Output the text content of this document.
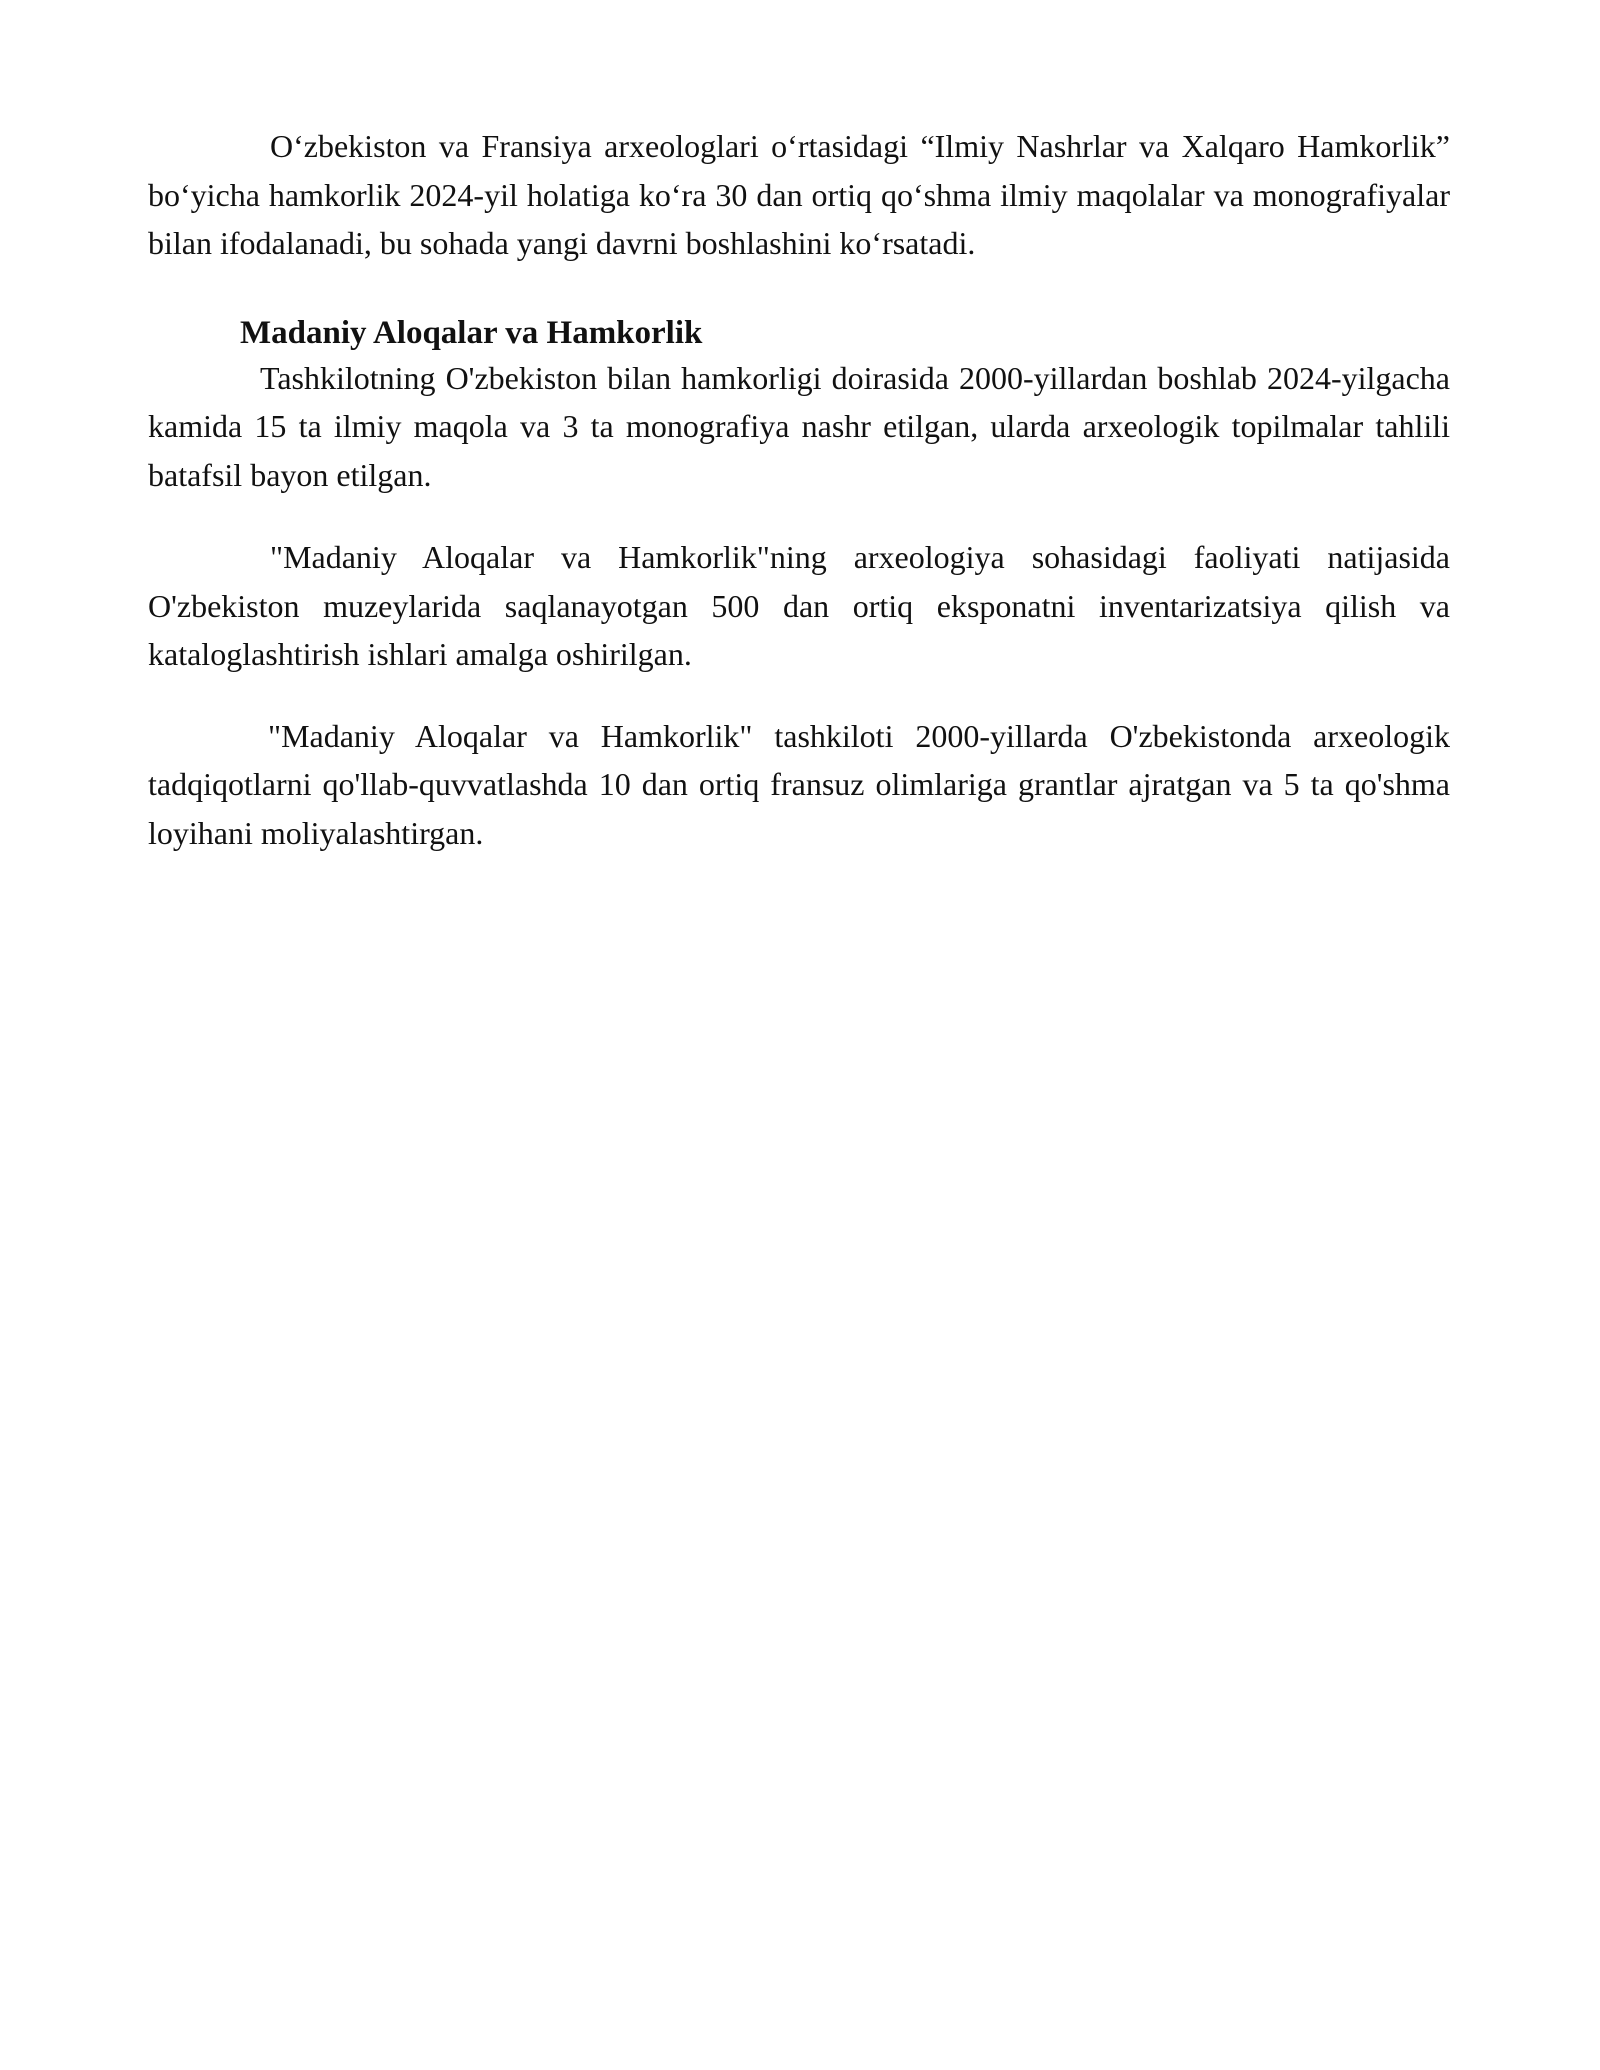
O‘zbekiston va Fransiya arxeologlari o‘rtasidagi “Ilmiy Nashrlar va Xalqaro Hamkorlik” bo‘yicha hamkorlik 2024-yil holatiga ko‘ra 30 dan ortiq qo‘shma ilmiy maqolalar va monografiyalar bilan ifodalanadi, bu sohada yangi davrni boshlashini ko‘rsatadi.

Madaniy Aloqalar va Hamkorlik

Tashkilotning O'zbekiston bilan hamkorligi doirasida 2000-yillardan boshlab 2024-yilgacha kamida 15 ta ilmiy maqola va 3 ta monografiya nashr etilgan, ularda arxeologik topilmalar tahlili batafsil bayon etilgan.

"Madaniy Aloqalar va Hamkorlik"ning arxeologiya sohasidagi faoliyati natijasida O'zbekiston muzeylarida saqlanayotgan 500 dan ortiq eksponatni inventarizatsiya qilish va kataloglashtirish ishlari amalga oshirilgan.

"Madaniy Aloqalar va Hamkorlik" tashkiloti 2000-yillarda O'zbekistonda arxeologik tadqiqotlarni qo'llab-quvvatlashda 10 dan ortiq fransuz olimlariga grantlar ajratgan va 5 ta qo'shma loyihani moliyalashtirgan.
